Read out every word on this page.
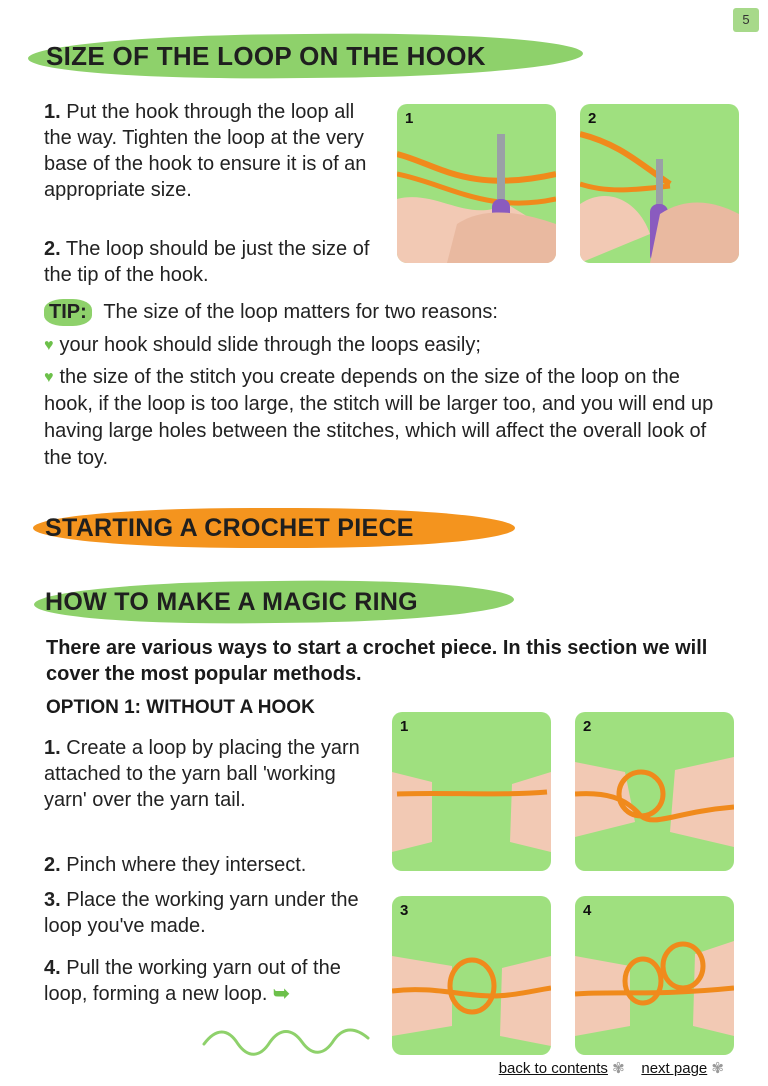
5
SIZE OF THE LOOP ON THE HOOK
1. Put the hook through the loop all the way. Tighten the loop at the very base of the hook to ensure it is of an appropriate size.
2. The loop should be just the size of the tip of the hook.
1	2
TIP: The size of the loop matters for two reasons:
♥ your hook should slide through the loops easily;
♥ the size of the stitch you create depends on the size of the loop on the hook, if the loop is too large, the stitch will be larger too, and you will end up having large holes between the stitches, which will affect the overall look of the toy.
STARTING A CROCHET PIECE
HOW TO MAKE A MAGIC RING
There are various ways to start a crochet piece. In this section we will cover the most popular methods.
OPTION 1: WITHOUT A HOOK
1. Create a loop by placing the yarn attached to the yarn ball 'working yarn' over the yarn tail.
2. Pinch where they intersect.
3. Place the working yarn under the loop you've made.
4. Pull the working yarn out of the loop, forming a new loop. ➥
1	2
3	4
back to contents ✾ next page ✾
